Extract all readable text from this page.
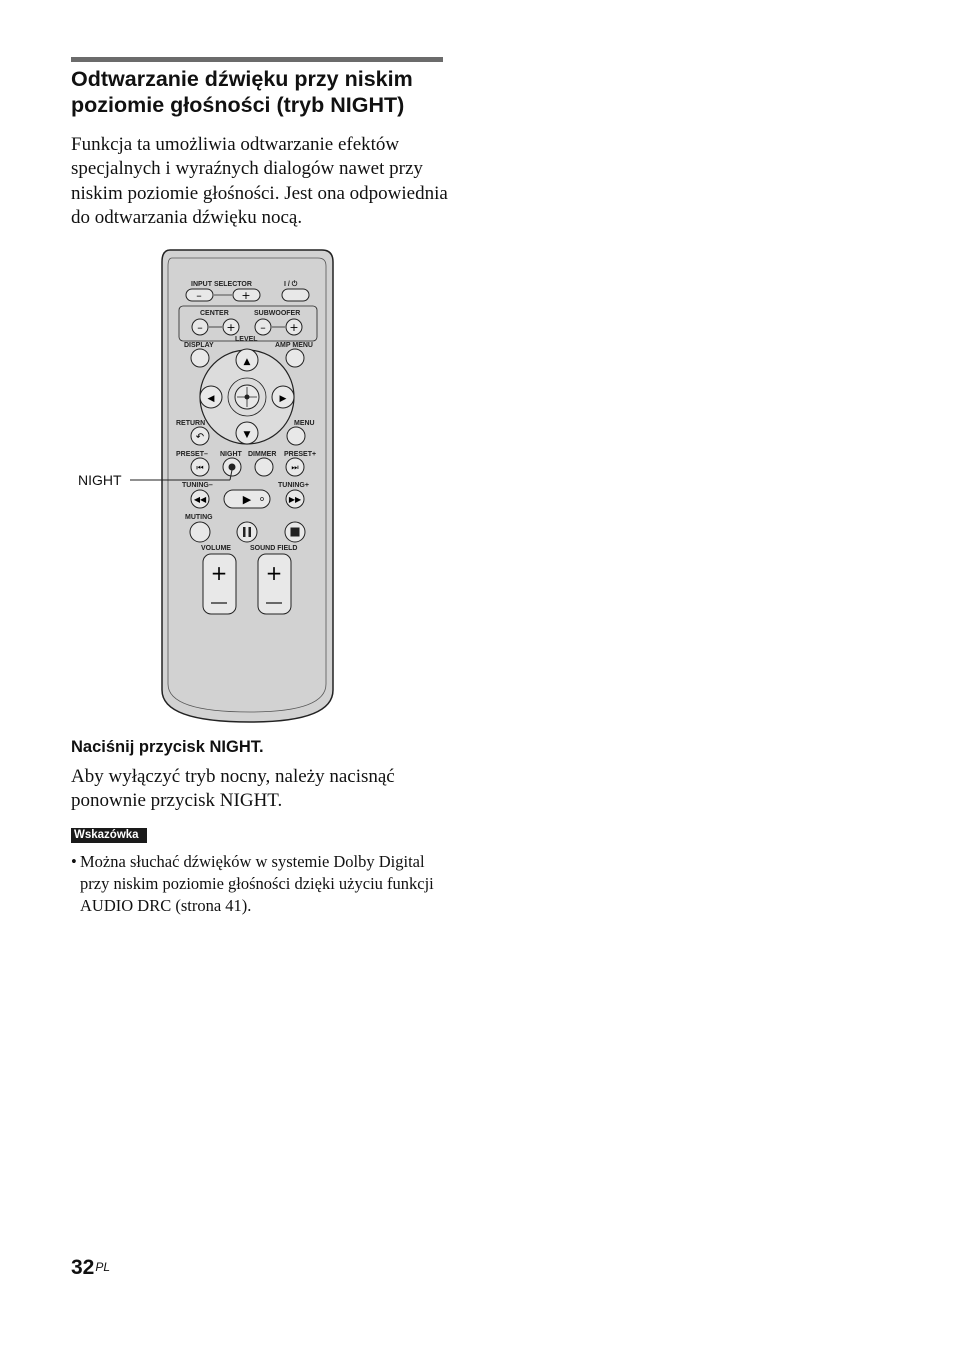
Odtwarzanie dźwięku przy niskim poziomie głośności (tryb NIGHT)

Funkcja ta umożliwia odtwarzanie efektów specjalnych i wyraźnych dialogów nawet przy niskim poziomie głośności. Jest ona odpowiednia do odtwarzania dźwięku nocą.

INPUT SELECTOR
–	+
I / ⏻
CENTER	SUBWOOFER
– + – +
LEVEL
DISPLAY	AMP MENU
▲
▼
◀	▶
RETURN	MENU
↶
PRESET– NIGHT DIMMER PRESET+
⏮	⏭
NIGHT	TUNING–	TUNING+
◀◀	▶	▶▶
MUTING
VOLUME	SOUND FIELD
+ +

Naciśnij przycisk NIGHT.

Aby wyłączyć tryb nocny, należy nacisnąć ponownie przycisk NIGHT.

Wskazówka
• Można słuchać dźwięków w systemie Dolby Digital przy niskim poziomie głośności dzięki użyciu funkcji AUDIO DRC (strona 41).
$32^{PL}$
